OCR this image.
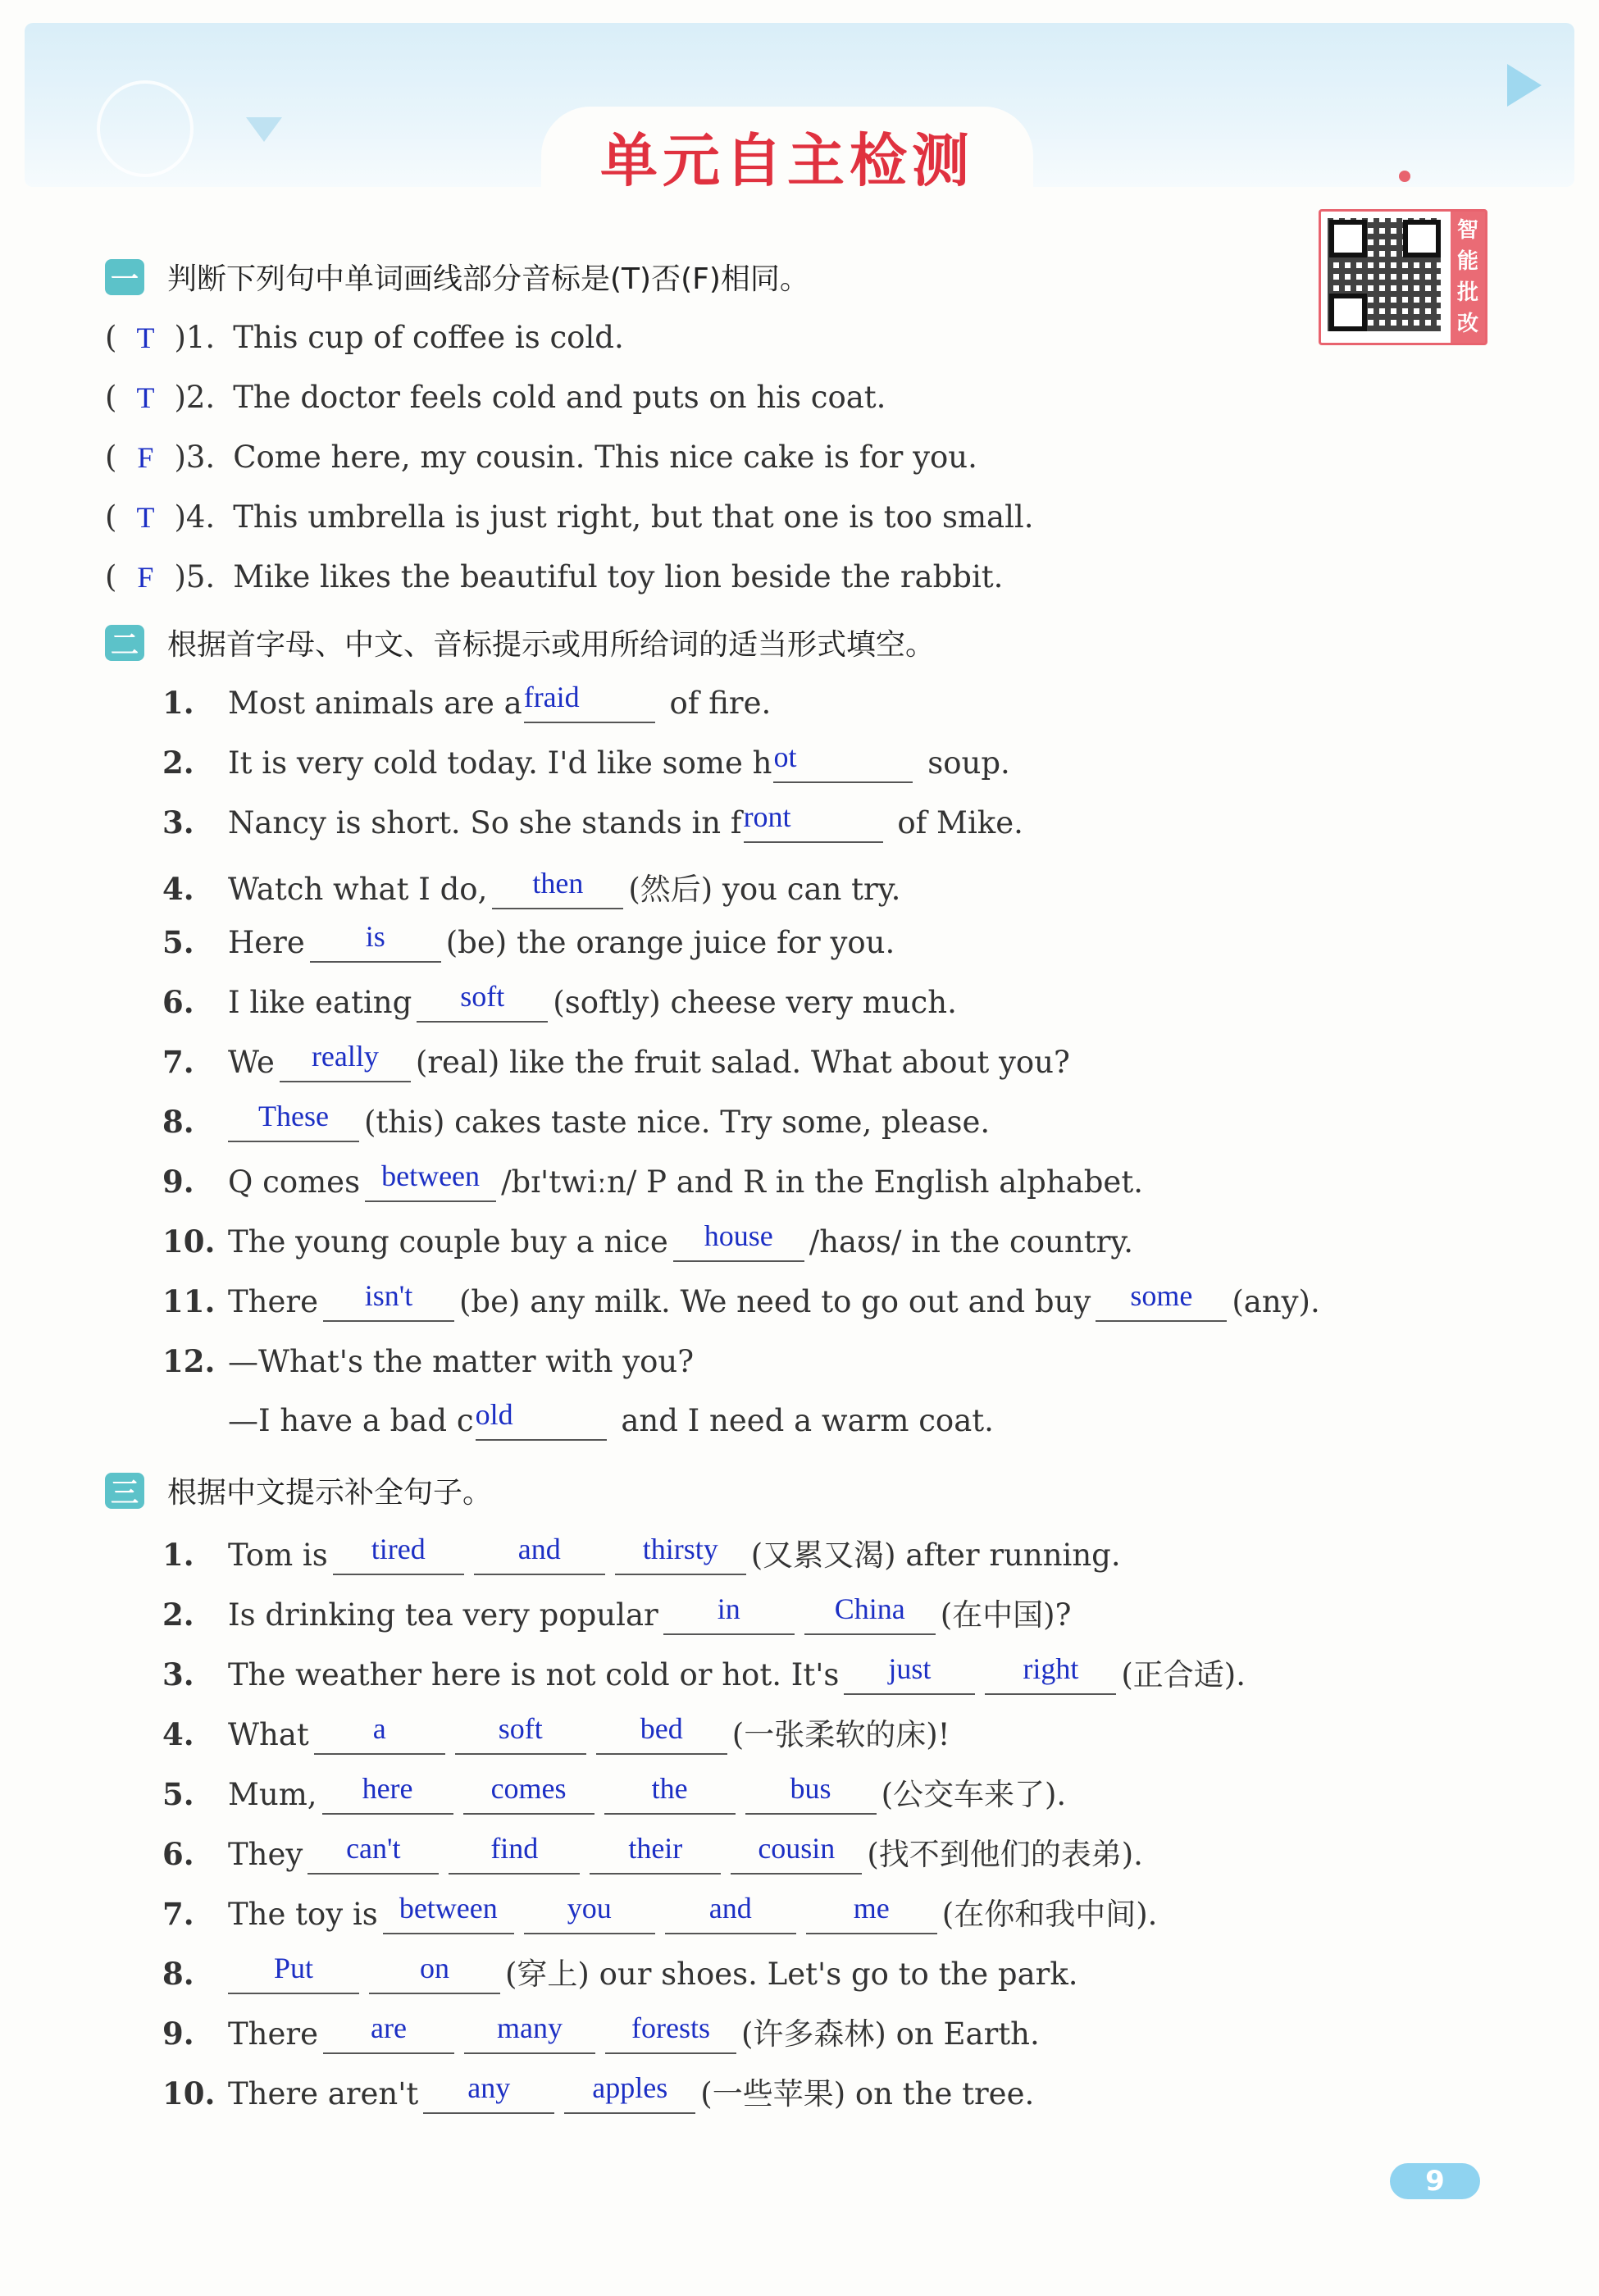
单元自主检测
智
能
批
改
一 判断下列句中单词画线部分音标是(T)否(F)相同。
( T )1. This cup of coffee is cold.
( T )2. The doctor feels cold and puts on his coat.
( F )3. Come here, my cousin. This nice cake is for you.
( T )4. This umbrella is just right, but that one is too small.
( F )5. Mike likes the beautiful toy lion beside the rabbit.
二 根据首字母、中文、音标提示或用所给词的适当形式填空。
1. Most animals are afraid	of fire.
2. It is very cold today. I'd like some hot	soup.
3. Nancy is short. So she stands in front	of Mike.
4. Watch what I do, then (然后) you can try.
5. Here is (be) the orange juice for you.
6. I like eating soft (softly) cheese very much.
7. We really (real) like the fruit salad. What about you?
8. These (this) cakes taste nice. Try some, please.
9. Q comes between /bɪ'twiːn/ P and R in the English alphabet.
10. The young couple buy a nice house /haʊs/ in the country.
11. There isn't (be) any milk. We need to go out and buy some (any).
12. —What's the matter with you?
—I have a bad cold	and I need a warm coat.
三 根据中文提示补全句子。
1. Tom is tired	and	thirsty (又累又渴) after running.
2. Is drinking tea very popular in	China (在中国)?
3. The weather here is not cold or hot. It's just	right (正合适).
4. What a	soft	bed (一张柔软的床)!
5. Mum, here	comes	the	bus (公交车来了).
6. They can't	find	their	cousin (找不到他们的表弟).
7. The toy is between you	and	me (在你和我中间).
8.	Put	on (穿上) our shoes. Let's go to the park.
9. There are	many forests (许多森林) on Earth.
10. There aren't any	apples (一些苹果) on the tree.
9
